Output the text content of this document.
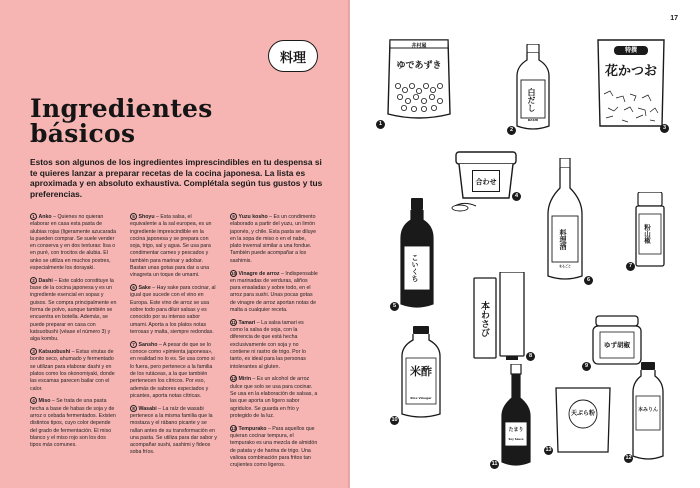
料理
Ingredientes
básicos

Estos son algunos de los ingredientes imprescindibles en tu despensa si te quieres lanzar a preparar recetas de la cocina japonesa. La lista es aproximada y en absoluto exhaustiva. Complétala según tus gustos y tus preferencias.

1 Anko – Quienes no quieran elaborar en casa esta pasta de alubias rojas (ligeramente azucarada la pueden comprar. Se suele vender en conserva y en dos texturas: lisa o en puré, con trocitos de alubia. El anko se utiliza en muchos postres, especialmente los dorayaki.

2 Dashi – Este caldo constituye la base de la cocina japonesa y es un ingrediente esencial en sopas y guisos. Se compra principalmente en forma de polvo, aunque también se encuentra en botella. Además, se puede preparar en casa con katsuobushi (véase el número 3) y alga kombu.

3 Katsuobushi – Estas virutas de bonito seco, ahumado y fermentado se utilizan para elaborar dashi y en platos como los okonomiyaki, donde las escamas parecen bailar con el calor.

4 Miso – Se trata de una pasta hecha a base de habas de soja y de arroz o cebada fermentados. Existen distintos tipos, cuyo color depende del grado de fermentación. El miso blanco y el miso rojo son los dos tipos más comunes.

5 Shoyu – Esta salsa, el equivalente a la sal europea, es un ingrediente imprescindible en la cocina japonesa y se prepara con soja, trigo, sal y agua. Se usa para condimentar carnes y pescados y también para marinar y adobar. Bastan unas gotas para dar a una vinagreta un toque de umami.

6 Sake – Hay sake para cocinar, al igual que sucede con el vino en Europa. Este vino de arroz se usa sobre todo para diluir salsas y es conocido por su intenso sabor umami. Aporta a los platos notas terrosas y malta, siempre redondas.

7 Sansho – A pesar de que se lo conoce como «pimienta japonesa», en realidad no lo es. Se usa como si lo fuera, pero pertenece a la familia de los rutáceas, a la que también pertenecen los cítricos. Por eso, además de sabores especiados y picantes, aporta notas cítricas.

8 Wasabi – La raíz de wasabi pertenece a la misma familia que la mostaza y el rábano picante y se rallan antes de su transformación en una pasta. Se utiliza para dar sabor y acompañar sushi, sashimi y fideos soba fríos.

9 Yuzu kosho – Es un condimento elaborado a partir del yuzu, un limón japonés, y chile. Esta pasta se diluye en la sopa de miso o en el nabe, plato invernal similar a una fondue. También puede acompañar a los sashimis.

10 Vinagre de arroz – Indispensable en marinadas de verduras, aliños para ensaladas y sobre todo, en el arroz para sushi. Unas pocas gotas de vinagre de arroz aportan notas de malta a cualquier receta.

11 Tamari – La salsa tamari es como la salsa de soja, con la diferencia de que está hecha exclusivamente con soja y no contiene ni rastro de trigo. Por lo tanto, es ideal para las personas intolerantes al gluten.

12 Mirin – Es un alcohol de arroz dulce que solo se usa para cocinar. Se usa en la elaboración de salsas, a las que aporta un ligero sabor agridulce. Se guarda en frío y protegido de la luz.

13 Tempurako – Para aquellos que quieran cocinar tempura, el tempurako es una mezcla de almidón de patata y de harina de trigo. Una valiosa combinación para fritos tan crujientes como ligeros.

17
井村屋
ゆであずき
1
白だし
DASHI
2
特撰
花かつお
3
合わせ
4
こいくち
5
料理酒
まるごと
6
粉山椒
7
本わさび
8
ゆず胡椒
9
米酢
Rice Vinegar
10
たまり
Soy Sauce
11
本みりん
12
天ぷら粉
13
